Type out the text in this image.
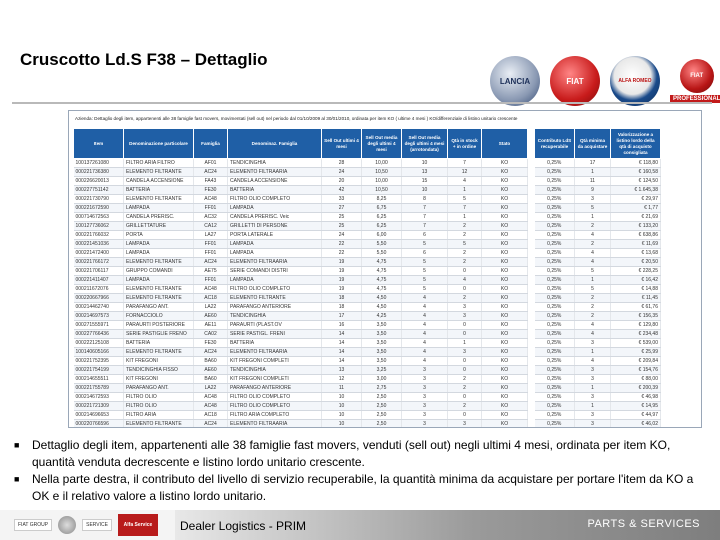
Cruscotto Ld.S F38 – Dettaglio
LANCIA	FIAT	ALFA ROMEO
FIAT
PROFESSIONAL
Azienda: Dettaglio degli item, appartenenti alle 38 famiglie fast movers, movimentati (sell out) nel periodo dal 01/10/2009 al 30/01/2010, ordinata per item KO ( ultime 4 mesi ) KO/differenziale di listino unitario crescente
Item	Denominazione particolare	Famiglia	Denominaz. Famiglia	Sell Out ultimi 4 mesi	Sell Out media degli ultimi 4 mesi	Sell Out media degli ultimi 4 mesi (arrotondata)	Qtà in stock + in ordine	Stato
100137261080	FILTRO ARIA FILTRO	AF01	TENDICINGHIA	28	10,00	10	7	KO
000221736380	ELEMENTO FILTRANTE	AC24	ELEMENTO FILTRAARIA	24	10,50	13	12	KO
000226620013	CANDELA ACCENSIONE	FA43	CANDELA ACCENSIONE	20	10,00	15	4	KO
000227751142	BATTERIA	FE30	BATTERIA	42	10,50	10	1	KO
000221730790	ELEMENTO FILTRANTE	AC48	FILTRO OLIO COMPLETO	33	8,25	8	5	KO
000221672590	LAMPADA	FF01	LAMPADA	27	6,75	7	7	KO
000714672563	CANDELA PRERISC.	AC32	CANDELA PRERISC. Veic	25	6,25	7	1	KO
100127736062	GRILLETTATURE	CA12	GRILLETTI DI PERSONE	25	6,25	7	2	KO
000221766032	PORTA	LA27	PORTA LATERALE	24	6,00	6	2	KO
000221451036	LAMPADA	FF01	LAMPADA	22	5,50	5	5	KO
000221472400	LAMPADA	FF01	LAMPADA	22	5,50	6	2	KO
000221766172	ELEMENTO FILTRANTE	AC24	ELEMENTO FILTRAARIA	19	4,75	5	2	KO
000221706117	GRUPPO COMANDI	AE75	SERIE COMANDI DISTRI	19	4,75	5	0	KO
000221411407	LAMPADA	FF01	LAMPADA	19	4,75	5	4	KO
000211672076	ELEMENTO FILTRANTE	AC48	FILTRO OLIO COMPLETO	19	4,75	5	0	KO
000220667966	ELEMENTO FILTRANTE	AC18	ELEMENTO FILTRANTE	18	4,50	4	2	KO
000214462740	PARAFANGO ANT.	LA22	PARAFANGO ANTERIORE	18	4,50	4	3	KO
000214697573	FORNACCIOLO	AE60	TENDICINGHIA	17	4,25	4	3	KO
000271555971	PARAURTI POSTERIORE	AE11	PARAURTI (PLAST.OV	16	3,50	4	0	KO
000227766436	SERIE PASTIGLIE FRENO	CA02	SERIE PASTIGL. FRENI	14	3,50	4	0	KO
000222125108	BATTERIA	FE30	BATTERIA	14	3,50	4	1	KO
100140605166	ELEMENTO FILTRANTE	AC24	ELEMENTO FILTRAARIA	14	3,50	4	3	KO
000221752395	KIT FREGONI	BA60	KIT FREGONI COMPLETI	14	3,50	4	0	KO
000221754199	TENDICINGHIA FISSO	AE60	TENDICINGHIA	13	3,25	3	0	KO
000214655511	KIT FREGONI	BA60	KIT FREGONI COMPLETI	12	3,00	3	2	KO
000221755789	PARAFANGO ANT.	LA22	PARAFANGO ANTERIORE	11	2,75	3	2	KO
000214672593	FILTRO OLIO	AC48	FILTRO OLIO COMPLETO	10	2,50	3	0	KO
000221721309	FILTRO OLIO	AC48	FILTRO OLIO COMPLETO	10	2,50	3	2	KO
000214696653	FILTRO ARIA	AC18	FILTRO ARIA COMPLETO	10	2,50	3	0	KO
000220766596	ELEMENTO FILTRANTE	AC24	ELEMENTO FILTRAARIA	10	2,50	3	3	KO
Contributo LdS recuperabile	Qtà minima da acquistare	Valorizzazione a listino lordo della qtà di acquisto consigliata
0,25%	17	€ 118,80
0,25%	1	€ 160,58
0,25%	11	€ 124,50
0,25%	9	€ 1.645,38
0,25%	3	€ 29,97
0,25%	5	€ 1,77
0,25%	1	€ 21,69
0,25%	2	€ 133,20
0,25%	4	€ 638,86
0,25%	2	€ 11,69
0,25%	4	€ 13,68
0,25%	4	€ 20,50
0,25%	5	€ 228,25
0,25%	1	€ 16,42
0,25%	5	€ 14,88
0,25%	2	€ 11,45
0,25%	2	€ 61,76
0,25%	2	€ 156,35
0,25%	4	€ 129,80
0,25%	4	€ 234,48
0,25%	3	€ 539,00
0,25%	1	€ 25,99
0,25%	4	€ 209,84
0,25%	3	€ 154,76
0,25%	3	€ 88,00
0,25%	1	€ 200,39
0,25%	3	€ 46,98
0,25%	1	€ 14,95
0,25%	3	€ 44,97
0,25%	3	€ 46,02
■	Dettaglio degli item, appartenenti alle 38 famiglie fast movers, venduti (sell out) negli ultimi 4 mesi, ordinata per item KO, quantità venduta decrescente e listino lordo unitario crescente.
■	Nella parte destra, il contributo del livello di servizio recuperabile, la quantità minima da acquistare per portare l'item da KO a OK e il relativo valore a listino lordo unitario.
FIAT GROUP	SERVICE	Alfa Service	Dealer Logistics - PRIM	PARTS & SERVICES
